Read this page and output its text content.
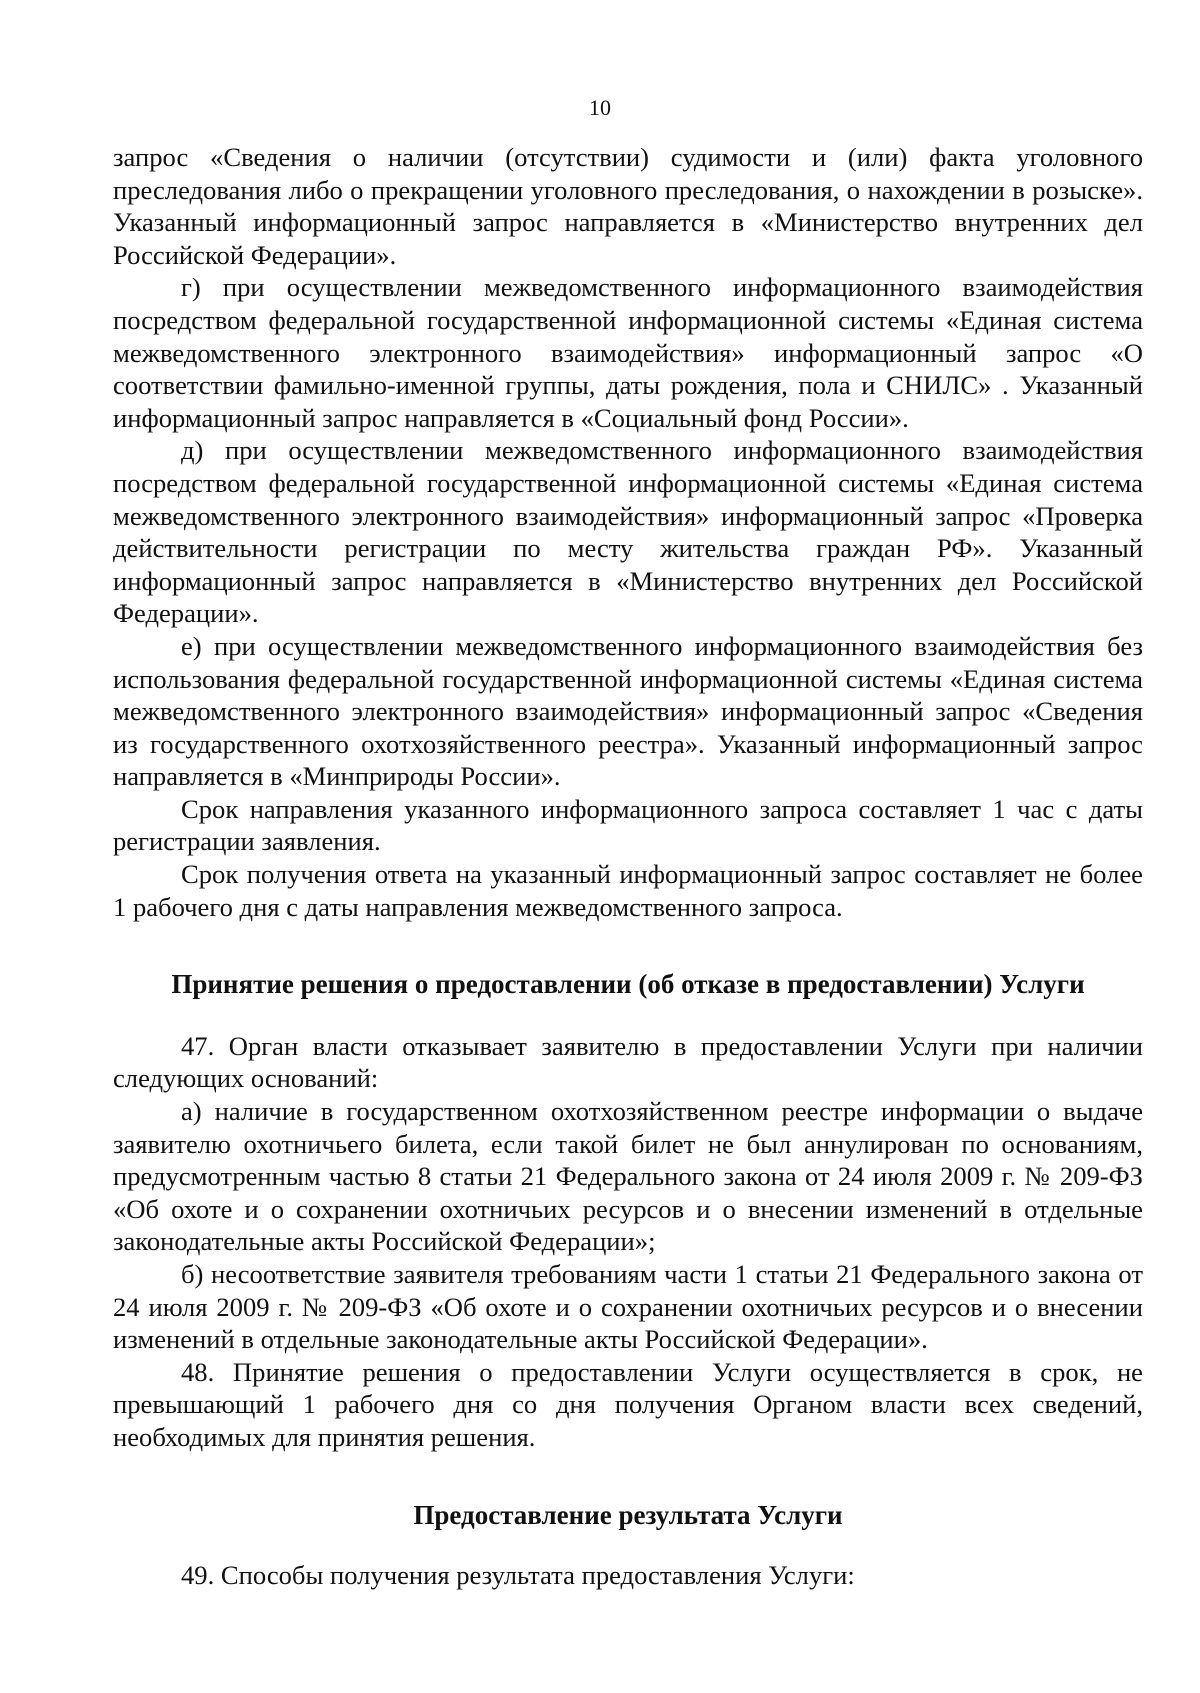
10

запрос «Сведения о наличии (отсутствии) судимости и (или) факта уголовного преследования либо о прекращении уголовного преследования, о нахождении в розыске». Указанный информационный запрос направляется в «Министерство внутренних дел Российской Федерации».

г) при осуществлении межведомственного информационного взаимодействия посредством федеральной государственной информационной системы «Единая система межведомственного электронного взаимодействия» информационный запрос «О соответствии фамильно-именной группы, даты рождения, пола и СНИЛС» . Указанный информационный запрос направляется в «Социальный фонд России».

д) при осуществлении межведомственного информационного взаимодействия посредством федеральной государственной информационной системы «Единая система межведомственного электронного взаимодействия» информационный запрос «Проверка действительности регистрации по месту жительства граждан РФ». Указанный информационный запрос направляется в «Министерство внутренних дел Российской Федерации».

е) при осуществлении межведомственного информационного взаимодействия без использования федеральной государственной информационной системы «Единая система межведомственного электронного взаимодействия» информационный запрос «Сведения из государственного охотхозяйственного реестра». Указанный информационный запрос направляется в «Минприроды России».

Срок направления указанного информационного запроса составляет 1 час с даты регистрации заявления.

Срок получения ответа на указанный информационный запрос составляет не более 1 рабочего дня с даты направления межведомственного запроса.

Принятие решения о предоставлении (об отказе в предоставлении) Услуги

47. Орган власти отказывает заявителю в предоставлении Услуги при наличии следующих оснований:

а) наличие в государственном охотхозяйственном реестре информации о выдаче заявителю охотничьего билета, если такой билет не был аннулирован по основаниям, предусмотренным частью 8 статьи 21 Федерального закона от 24 июля 2009 г. № 209-ФЗ «Об охоте и о сохранении охотничьих ресурсов и о внесении изменений в отдельные законодательные акты Российской Федерации»;

б) несоответствие заявителя требованиям части 1 статьи 21 Федерального закона от 24 июля 2009 г. № 209-ФЗ «Об охоте и о сохранении охотничьих ресурсов и о внесении изменений в отдельные законодательные акты Российской Федерации».

48. Принятие решения о предоставлении Услуги осуществляется в срок, не превышающий 1 рабочего дня со дня получения Органом власти всех сведений, необходимых для принятия решения.

Предоставление результата Услуги

49. Способы получения результата предоставления Услуги:
